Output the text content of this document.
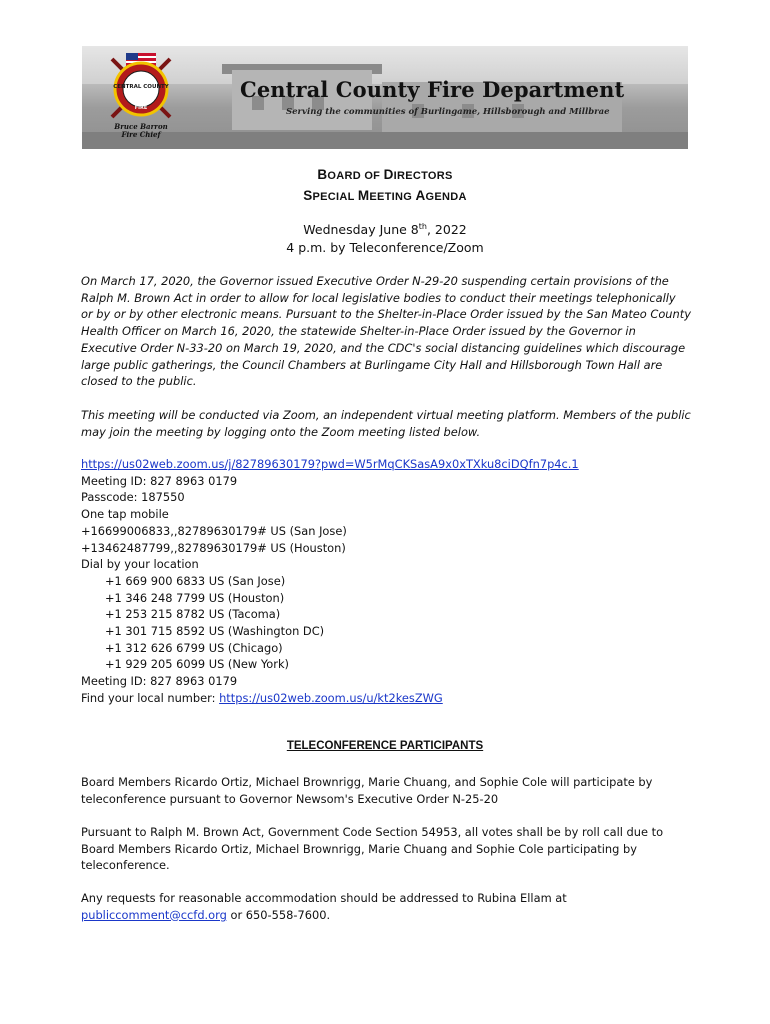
CENTRAL COUNTY
FIRE
Bruce Barron
Fire Chief
Central County Fire Department
Serving the communities of Burlingame, Hillsborough and Millbrae
BOARD OF DIRECTORS
SPECIAL MEETING AGENDA
Wednesday June 8th, 2022
4 p.m. by Teleconference/Zoom
On March 17, 2020, the Governor issued Executive Order N-29-20 suspending certain provisions of the
Ralph M. Brown Act in order to allow for local legislative bodies to conduct their meetings telephonically
or by or by other electronic means. Pursuant to the Shelter-in-Place Order issued by the San Mateo County
Health Officer on March 16, 2020, the statewide Shelter-in-Place Order issued by the Governor in
Executive Order N-33-20 on March 19, 2020, and the CDC's social distancing guidelines which discourage
large public gatherings, the Council Chambers at Burlingame City Hall and Hillsborough Town Hall are
closed to the public.
This meeting will be conducted via Zoom, an independent virtual meeting platform. Members of the public
may join the meeting by logging onto the Zoom meeting listed below.
https://us02web.zoom.us/j/82789630179?pwd=W5rMqCKSasA9x0xTXku8ciDQfn7p4c.1
Meeting ID: 827 8963 0179
Passcode: 187550
One tap mobile
+16699006833,,82789630179# US (San Jose)
+13462487799,,82789630179# US (Houston)
Dial by your location
+1 669 900 6833 US (San Jose)
+1 346 248 7799 US (Houston)
+1 253 215 8782 US (Tacoma)
+1 301 715 8592 US (Washington DC)
+1 312 626 6799 US (Chicago)
+1 929 205 6099 US (New York)
Meeting ID: 827 8963 0179
Find your local number: https://us02web.zoom.us/u/kt2kesZWG
TELECONFERENCE PARTICIPANTS
Board Members Ricardo Ortiz, Michael Brownrigg, Marie Chuang, and Sophie Cole will participate by
teleconference pursuant to Governor Newsom's Executive Order N-25-20
Pursuant to Ralph M. Brown Act, Government Code Section 54953, all votes shall be by roll call due to
Board Members Ricardo Ortiz, Michael Brownrigg, Marie Chuang and Sophie Cole participating by
teleconference.
Any requests for reasonable accommodation should be addressed to Rubina Ellam at
publiccomment@ccfd.org or 650-558-7600.
